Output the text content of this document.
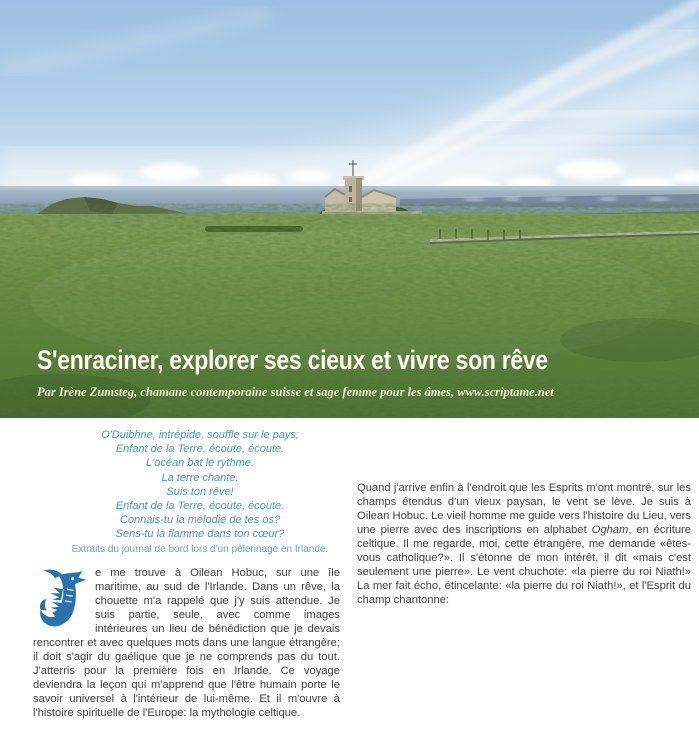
S'enraciner, explorer ses cieux et vivre son rêve

Par Irène Zumsteg, chamane contemporaine suisse et sage femme pour les âmes, www.scriptame.net

O'Duibhne, intrépide, souffle sur le pays;
Enfant de la Terre, écoute, écoute.
L'océan bat le rythme.
La terre chante.
Suis ton rêve!
Enfant de la Terre, écoute, écoute.
Connais-tu la mélodie de tes os?
Sens-tu la flamme dans ton cœur?
Extraits du journal de bord lors d'un pèlerinage en Irlande.

e me trouve à Oilean Hobuc, sur une île maritime, au sud de l'Irlande. Dans un rêve, la chouette m'a rappelé que j'y suis attendue. Je suis partie, seule, avec comme images intérieures un lieu de bénédiction que je devais rencontrer et avec quelques mots dans une langue étrangère; il doit s'agir du gaélique que je ne comprends pas du tout. J'atterris pour la première fois en Irlande. Ce voyage deviendra la leçon qui m'apprend que l'être humain porte le savoir universel à l'intérieur de lui-même. Et il m'ouvre à l'histoire spirituelle de l'Europe: la mythologie celtique.

Quand j'arrive enfin à l'endroit que les Esprits m'ont montré, sur les champs étendus d'un vieux paysan, le vent se lève. Je suis à Oilean Hobuc. Le vieil homme me guide vers l'histoire du Lieu, vers une pierre avec des inscriptions en alphabet Ogham, en écriture celtique. Il me regarde, moi, cette étrangère, me demande «êtes-vous catholique?». Il s'étonne de mon intérêt, il dit «mais c'est seulement une pierre». Le vent chuchote: «la pierre du roi Niath!» La mer fait écho, étincelante: «la pierre du roi Niath!», et l'Esprit du champ chantonne:
